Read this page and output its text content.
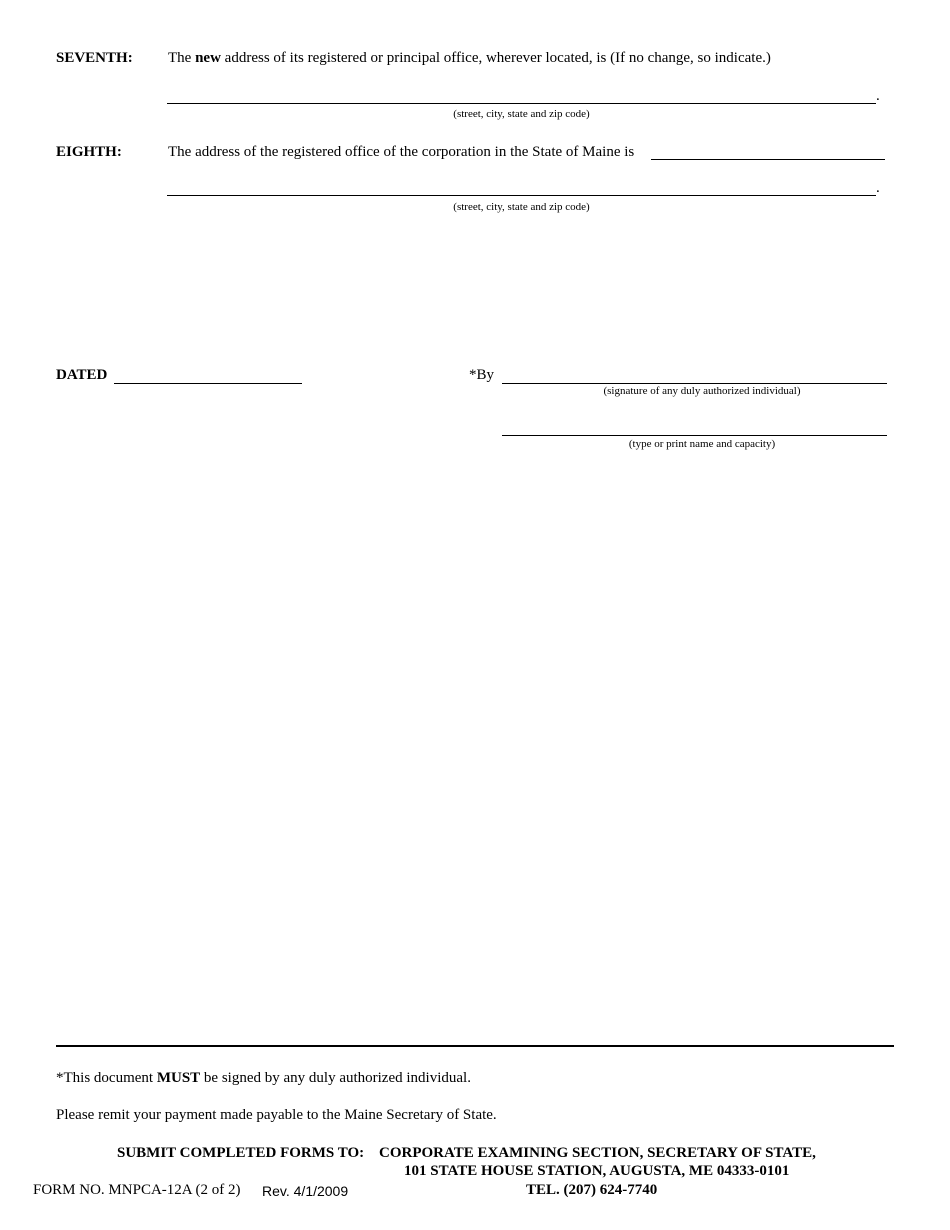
SEVENTH: The new address of its registered or principal office, wherever located, is (If no change, so indicate.)
.
(street, city, state and zip code)
EIGHTH:	The address of the registered office of the corporation in the State of Maine is
.
(street, city, state and zip code)
DATED	*By
(signature of any duly authorized individual)
(type or print name and capacity)
*This document MUST be signed by any duly authorized individual.
Please remit your payment made payable to the Maine Secretary of State.
SUBMIT COMPLETED FORMS TO: CORPORATE EXAMINING SECTION, SECRETARY OF STATE,
101 STATE HOUSE STATION, AUGUSTA, ME 04333-0101
TEL. (207) 624-7740
FORM NO. MNPCA-12A (2 of 2) Rev. 4/1/2009
